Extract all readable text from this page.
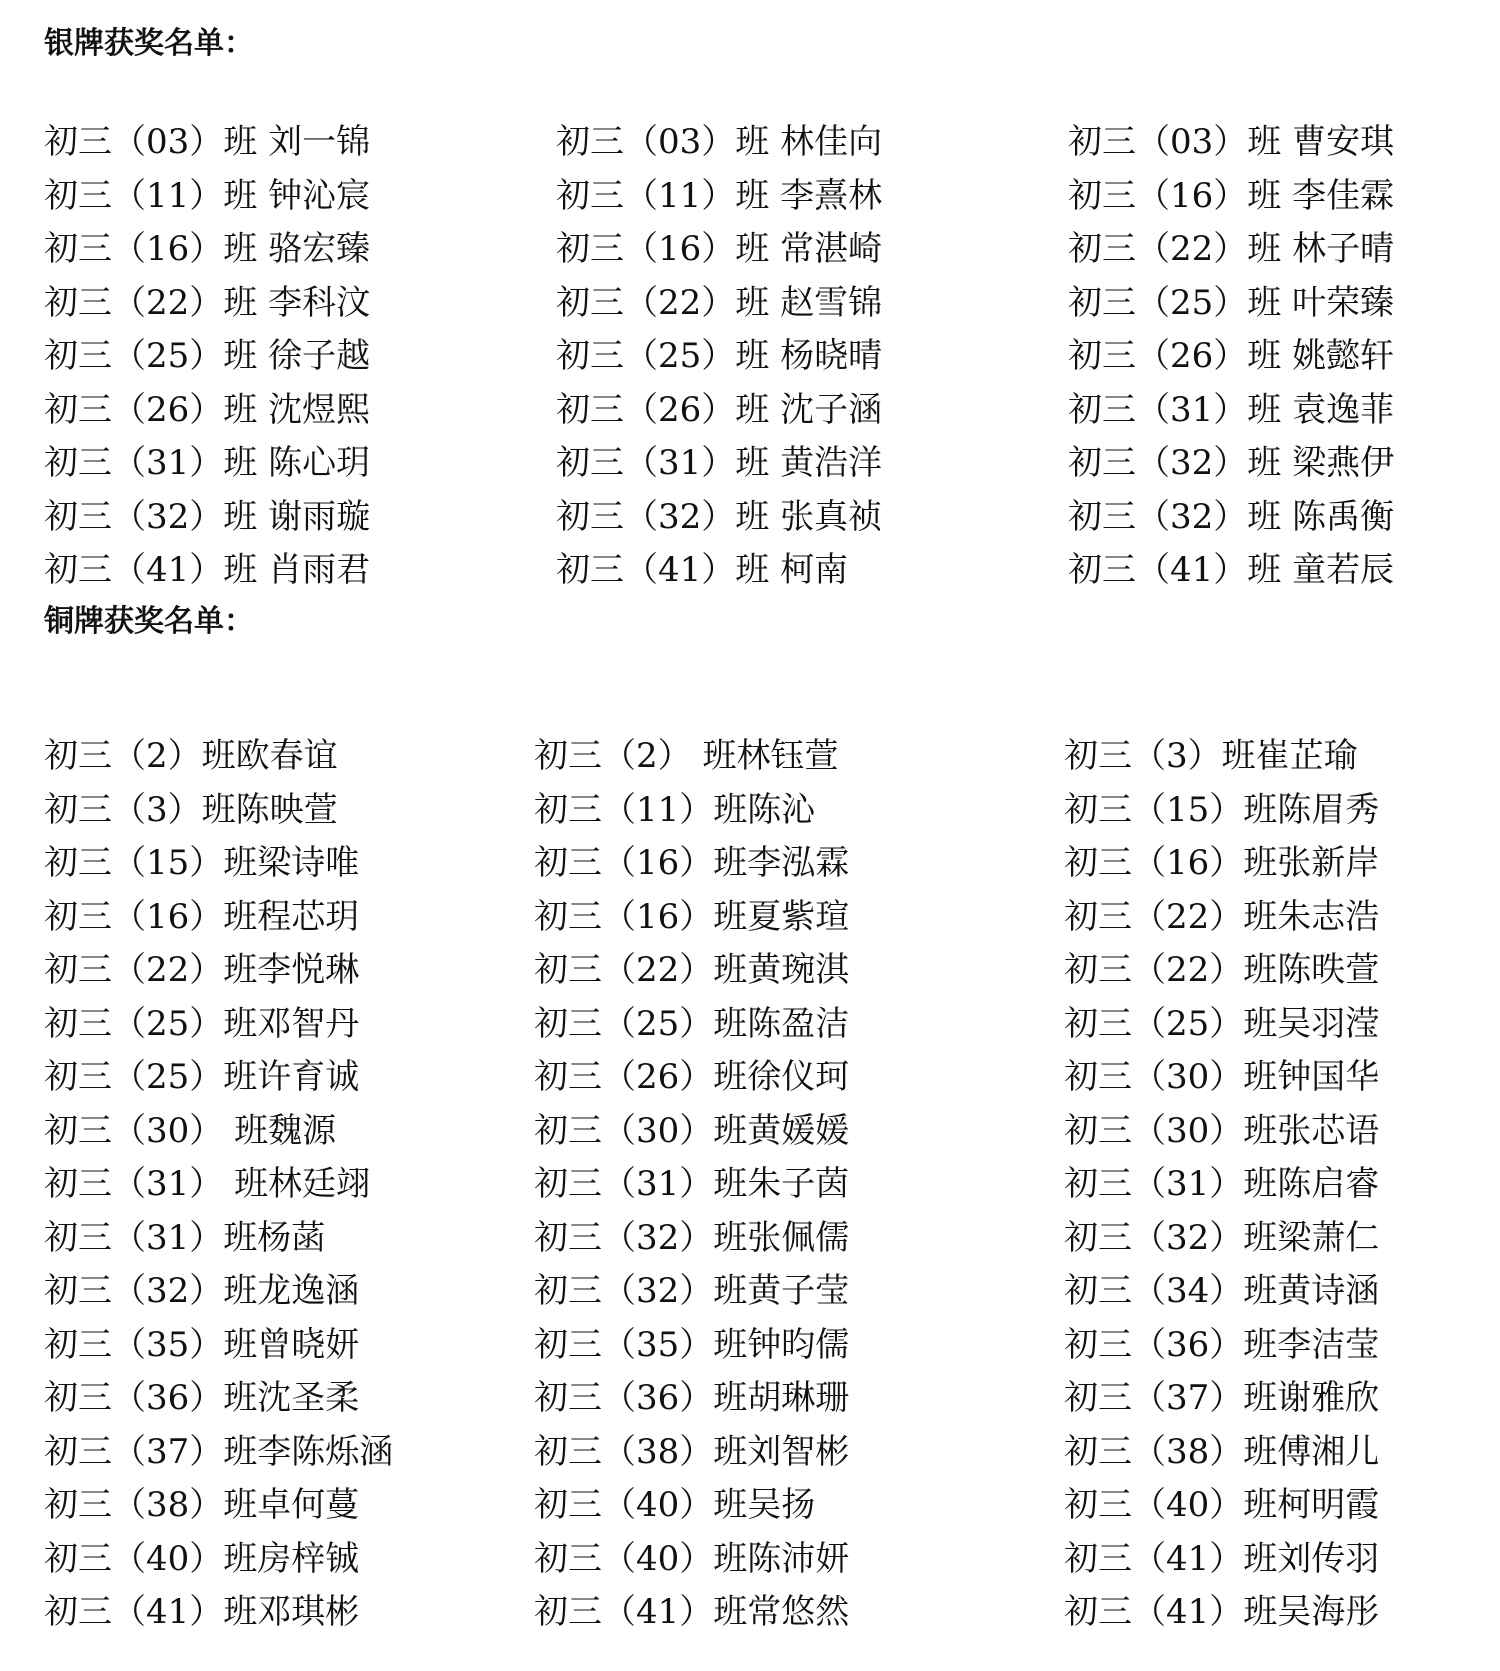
银牌获奖名单：
初三（03）班 刘一锦	初三（03）班 林佳向	初三（03）班 曹安琪
初三（11）班 钟沁宸	初三（11）班 李熹林	初三（16）班 李佳霖
初三（16）班 骆宏臻	初三（16）班 常湛崎	初三（22）班 林子晴
初三（22）班 李科汶	初三（22）班 赵雪锦	初三（25）班 叶荣臻
初三（25）班 徐子越	初三（25）班 杨晓晴	初三（26）班 姚懿轩
初三（26）班 沈煜熙	初三（26）班 沈子涵	初三（31）班 袁逸菲
初三（31）班 陈心玥	初三（31）班 黄浩洋	初三（32）班 梁燕伊
初三（32）班 谢雨璇	初三（32）班 张真祯	初三（32）班 陈禹衡
初三（41）班 肖雨君	初三（41）班 柯南	初三（41）班 童若辰
铜牌获奖名单：
初三（2）班欧春谊	初三（2） 班林钰萱	初三（3）班崔芷瑜
初三（3）班陈映萱	初三（11）班陈沁	初三（15）班陈眉秀
初三（15）班梁诗唯	初三（16）班李泓霖	初三（16）班张新岸
初三（16）班程芯玥	初三（16）班夏紫瑄	初三（22）班朱志浩
初三（22）班李悦琳	初三（22）班黄琬淇	初三（22）班陈昳萱
初三（25）班邓智丹	初三（25）班陈盈洁	初三（25）班吴羽滢
初三（25）班许育诚	初三（26）班徐仪珂	初三（30）班钟国华
初三（30） 班魏源	初三（30）班黄媛媛	初三（30）班张芯语
初三（31） 班林廷翊	初三（31）班朱子茵	初三（31）班陈启睿
初三（31）班杨菡	初三（32）班张佩儒	初三（32）班梁萧仁
初三（32）班龙逸涵	初三（32）班黄子莹	初三（34）班黄诗涵
初三（35）班曾晓妍	初三（35）班钟昀儒	初三（36）班李洁莹
初三（36）班沈圣柔	初三（36）班胡琳珊	初三（37）班谢雅欣
初三（37）班李陈烁涵	初三（38）班刘智彬	初三（38）班傅湘儿
初三（38）班卓何蔓	初三（40）班吴扬	初三（40）班柯明霞
初三（40）班房梓铖	初三（40）班陈沛妍	初三（41）班刘传羽
初三（41）班邓琪彬	初三（41）班常悠然	初三（41）班吴海彤
